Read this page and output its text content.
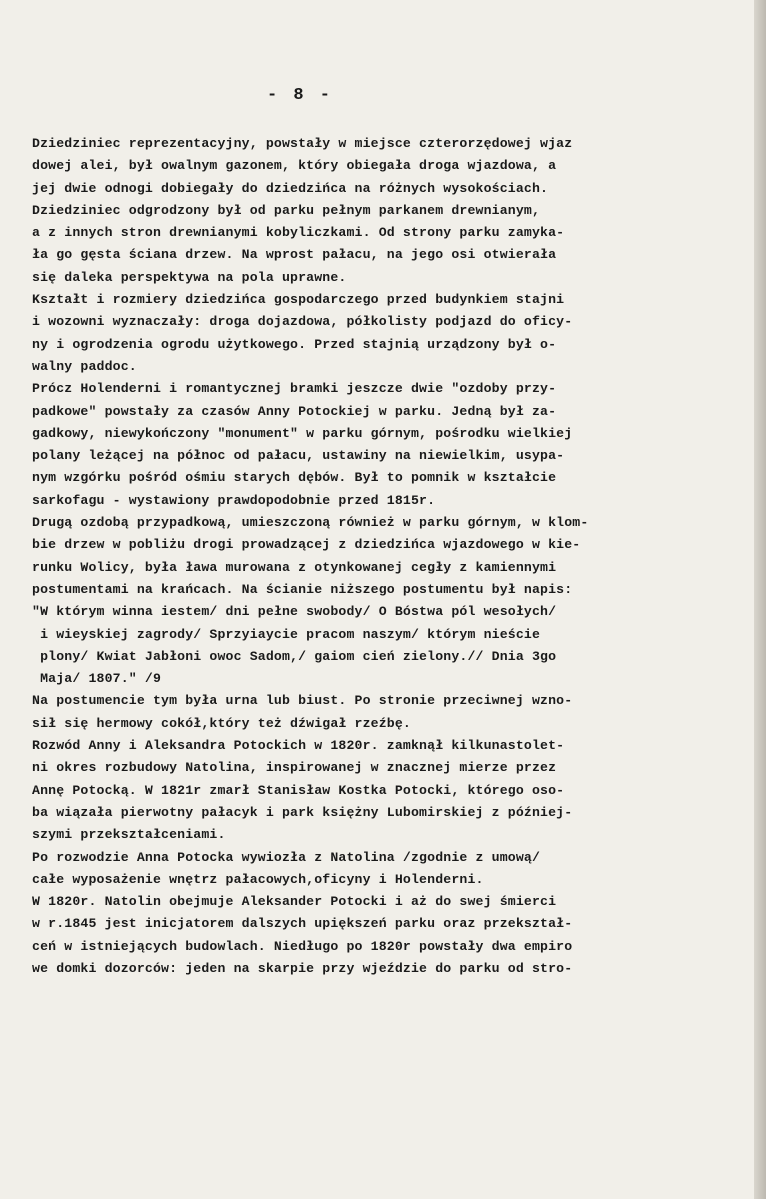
- 8 -
Dziedziniec reprezentacyjny, powstały w miejsce czterorzędowej wjaz
dowej alei, był owalnym gazonem, który obiegała droga wjazdowa, a
jej dwie odnogi dobiegały do dziedzińca na różnych wysokościach.
Dziedziniec odgrodzony był od parku pełnym parkanem drewnianym,
a z innych stron drewnianymi kobyliczkami. Od strony parku zamyka-
ła go gęsta ściana drzew. Na wprost pałacu, na jego osi otwierała
się daleka perspektywa na pola uprawne.
Kształt i rozmiery dziedzińca gospodarczego przed budynkiem stajni
i wozowni wyznaczały: droga dojazdowa, półkolisty podjazd do oficy-
ny i ogrodzenia ogrodu użytkowego. Przed stajnią urządzony był o-
walny paddoc.
Prócz Holenderni i romantycznej bramki jeszcze dwie "ozdoby przy-
padkowe" powstały za czasów Anny Potockiej w parku. Jedną był za-
gadkowy, niewykończony "monument" w parku górnym, pośrodku wielkiej
polany leżącej na północ od pałacu, ustawiny na niewielkim, usypa-
nym wzgórku pośród ośmiu starych dębów. Był to pomnik w kształcie
sarkofagu - wystawiony prawdopodobnie przed 1815r.
Drugą ozdobą przypadkową, umieszczoną również w parku górnym, w klom-
bie drzew w pobliżu drogi prowadzącej z dziedzińca wjazdowego w kie-
runku Wolicy, była ława murowana z otynkowanej cegły z kamiennymi
postumentami na krańcach. Na ścianie niższego postumentu był napis:
"W którym winna iestem/ dni pełne swobody/ O Bóstwa pól wesołych/
i wieyskiej zagrody/ Sprzyiaycie pracom naszym/ którym nieście
plony/ Kwiat Jabłoni owoc Sadom,/ gaiom cień zielony.// Dnia 3go
Maja/ 1807." /9
Na postumencie tym była urna lub biust. Po stronie przeciwnej wzno-
sił się hermowy cokół,który też dźwigał rzeźbę.
Rozwód Anny i Aleksandra Potockich w 1820r. zamknął kilkunastolet-
ni okres rozbudowy Natolina, inspirowanej w znacznej mierze przez
Annę Potocką. W 1821r zmarł Stanisław Kostka Potocki, którego oso-
ba wiązała pierwotny pałacyk i park księżny Lubomirskiej z później-
szymi przekształceniami.
Po rozwodzie Anna Potocka wywiozła z Natolina /zgodnie z umową/
całe wyposażenie wnętrz pałacowych,oficyny i Holenderni.
W 1820r. Natolin obejmuje Aleksander Potocki i aż do swej śmierci
w r.1845 jest inicjatorem dalszych upiększeń parku oraz przekształ-
ceń w istniejących budowlach. Niedługo po 1820r powstały dwa empiro
we domki dozorców: jeden na skarpie przy wjeździe do parku od stro-
